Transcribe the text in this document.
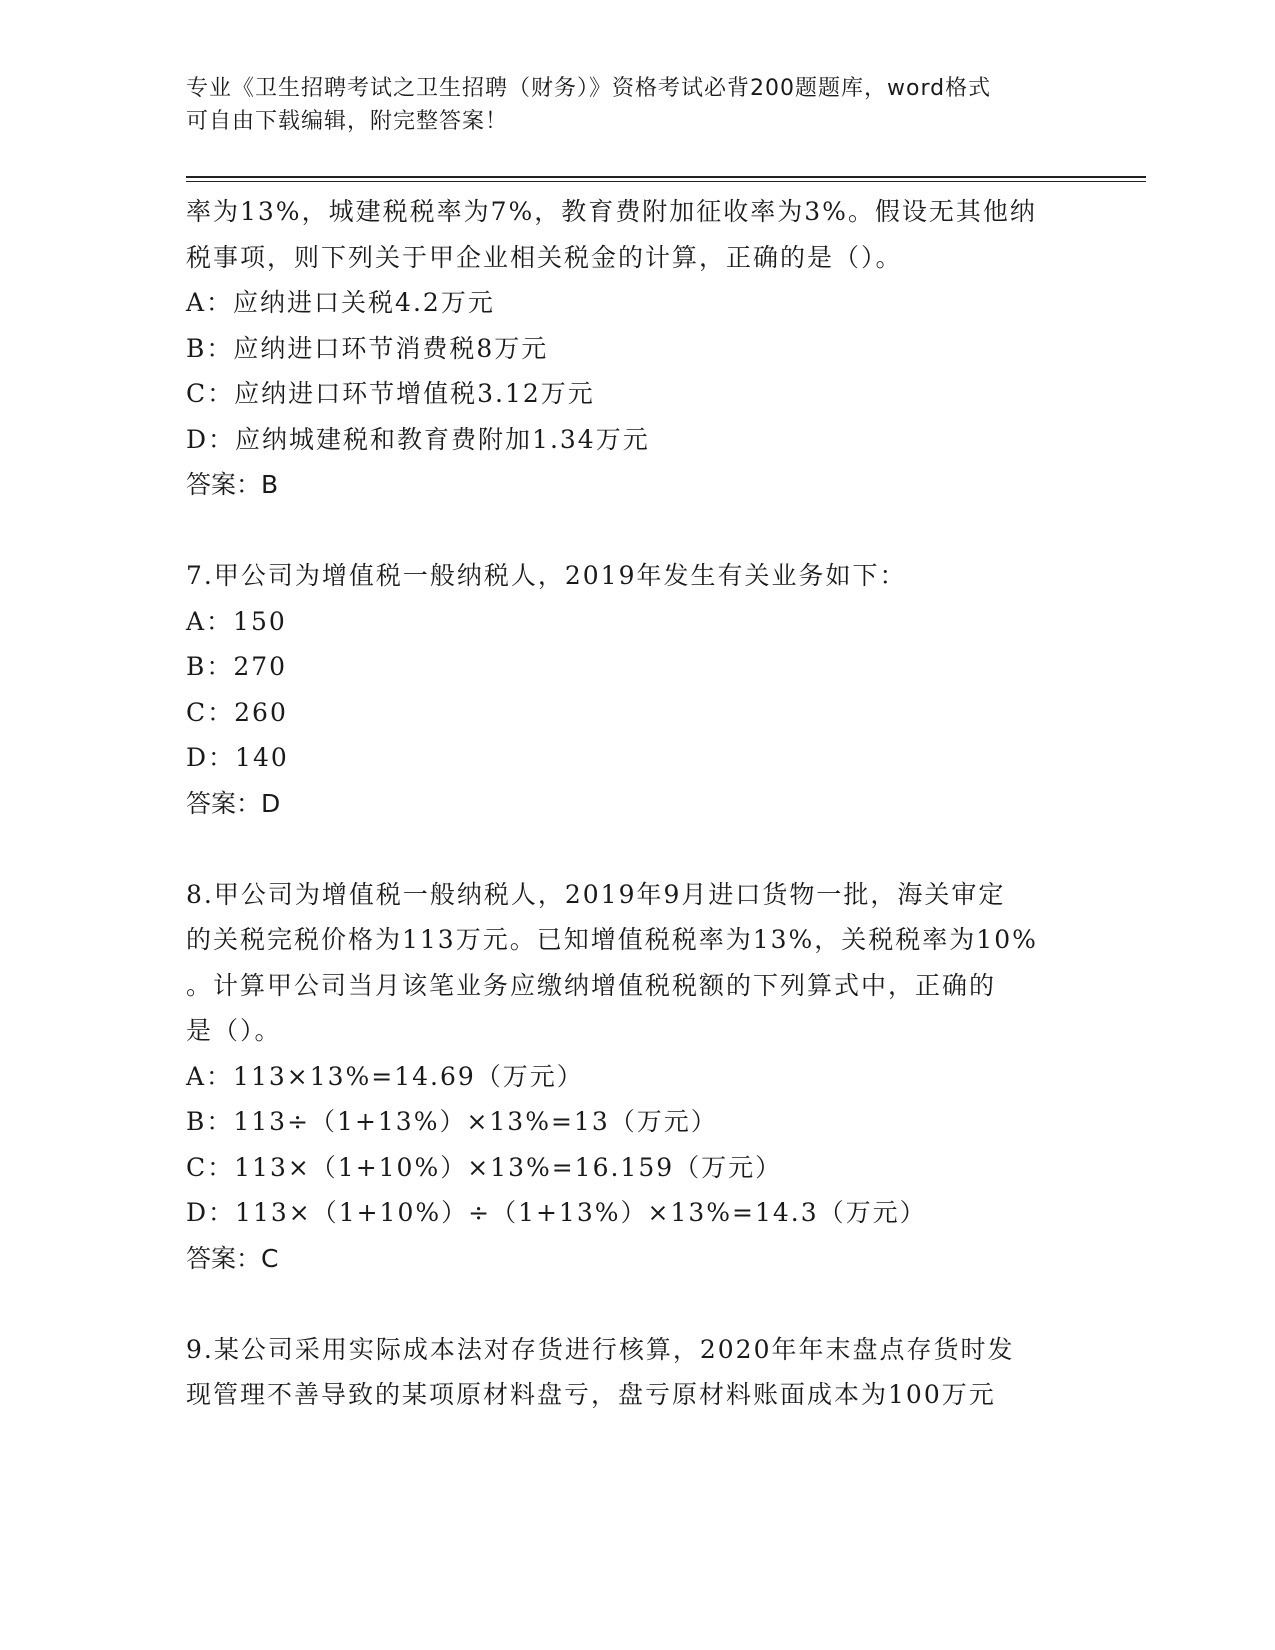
专业《卫生招聘考试之卫生招聘（财务）》资格考试必背200题题库，word格式
可自由下载编辑，附完整答案！
率为13%，城建税税率为7%，教育费附加征收率为3%。假设无其他纳
税事项，则下列关于甲企业相关税金的计算，正确的是（）。
A：应纳进口关税4.2万元
B：应纳进口环节消费税8万元
C：应纳进口环节增值税3.12万元
D：应纳城建税和教育费附加1.34万元
答案：B
7.甲公司为增值税一般纳税人，2019年发生有关业务如下：
A：150
B：270
C：260
D：140
答案：D
8.甲公司为增值税一般纳税人，2019年9月进口货物一批，海关审定
的关税完税价格为113万元。已知增值税税率为13%，关税税率为10%
。计算甲公司当月该笔业务应缴纳增值税税额的下列算式中，正确的
是（）。
A：113×13%=14.69（万元）
B：113÷（1+13%）×13%=13（万元）
C：113×（1+10%）×13%=16.159（万元）
D：113×（1+10%）÷（1+13%）×13%=14.3（万元）
答案：C
9.某公司采用实际成本法对存货进行核算，2020年年末盘点存货时发
现管理不善导致的某项原材料盘亏，盘亏原材料账面成本为100万元
